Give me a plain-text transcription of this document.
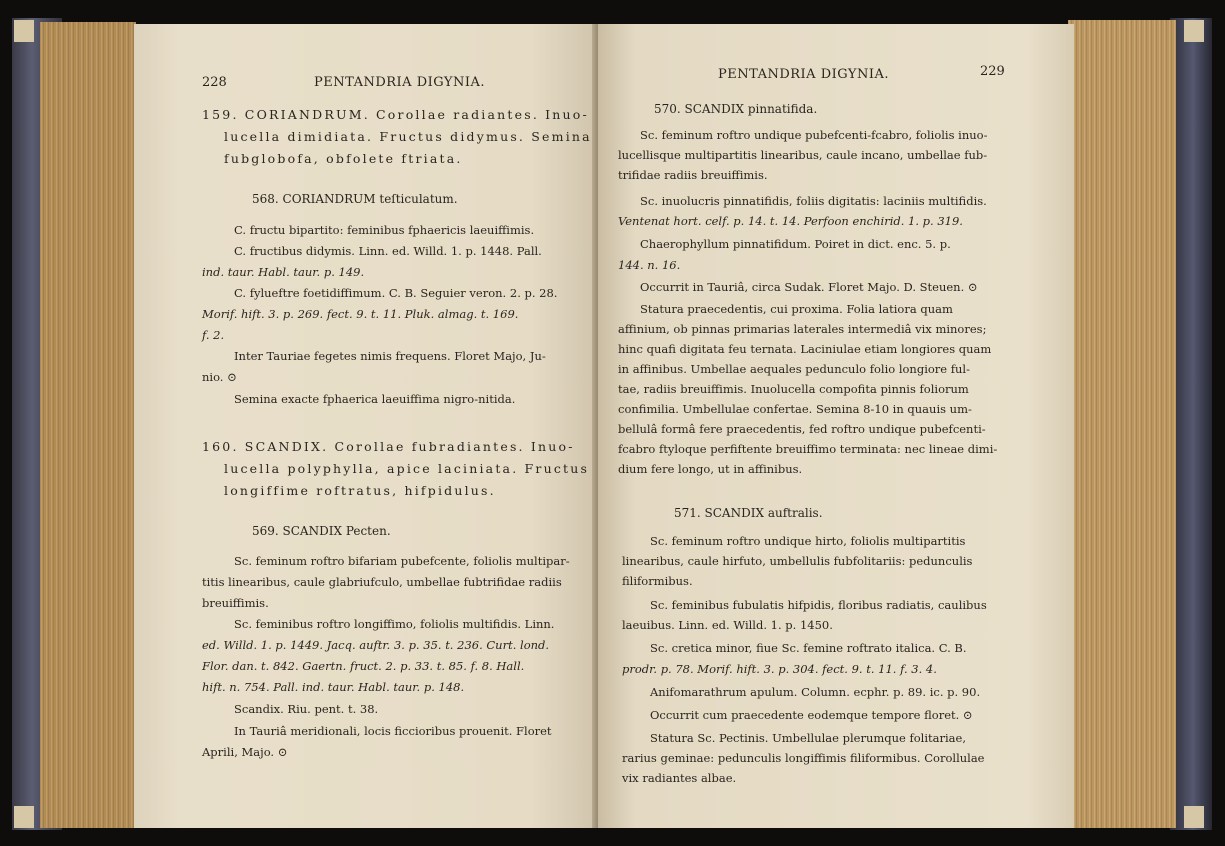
228	PENTANDRIA DIGYNIA.
159. CORIANDRUM. Corollae radiantes. Inuo-
lucella dimidiata. Fructus didymus. Semina
fubglobofa, obfolete ftriata.
568. CORIANDRUM teſticulatum.
C. fructu bipartito: feminibus fphaericis laeuiffimis.
C. fructibus didymis. Linn. ed. Willd. 1. p. 1448. Pall.
ind. taur. Habl. taur. p. 149.
C. fylueftre foetidiffimum. C. B. Seguier veron. 2. p. 28.
Morif. hift. 3. p. 269. fect. 9. t. 11. Pluk. almag. t. 169.
f. 2.
Inter Tauriae fegetes nimis frequens. Floret Majo, Ju-
nio. ⊙
Semina exacte fphaerica laeuiffima nigro-nitida.
160. SCANDIX. Corollae fubradiantes. Inuo-
lucella polyphylla, apice laciniata. Fructus
longiffime roftratus, hifpidulus.
569. SCANDIX Pecten.
Sc. feminum roftro bifariam pubefcente, foliolis multipar-
titis linearibus, caule glabriufculo, umbellae fubtrifidae radiis
breuiffimis.
Sc. feminibus roftro longiffimo, foliolis multifidis. Linn.
ed. Willd. 1. p. 1449. Jacq. auftr. 3. p. 35. t. 236. Curt. lond.
Flor. dan. t. 842. Gaertn. fruct. 2. p. 33. t. 85. f. 8. Hall.
hift. n. 754. Pall. ind. taur. Habl. taur. p. 148.
Scandix. Riu. pent. t. 38.
In Tauriâ meridionali, locis ficcioribus prouenit. Floret
Aprili, Majo. ⊙
PENTANDRIA DIGYNIA.	229
570. SCANDIX pinnatifida.
Sc. feminum roftro undique pubefcenti-fcabro, foliolis inuo-
lucellisque multipartitis linearibus, caule incano, umbellae fub-
trifidae radiis breuiffimis.
Sc. inuolucris pinnatifidis, foliis digitatis: laciniis multifidis.
Ventenat hort. celf. p. 14. t. 14. Perfoon enchirid. 1. p. 319.
Chaerophyllum pinnatifidum. Poiret in dict. enc. 5. p.
144. n. 16.
Occurrit in Tauriâ, circa Sudak. Floret Majo. D. Steuen. ⊙
Statura praecedentis, cui proxima. Folia latiora quam
affinium, ob pinnas primarias laterales intermediâ vix minores;
hinc quafi digitata feu ternata. Laciniulae etiam longiores quam
in affinibus. Umbellae aequales pedunculo folio longiore ful-
tae, radiis breuiffimis. Inuolucella compofita pinnis foliorum
confimilia. Umbellulae confertae. Semina 8-10 in quauis um-
bellulâ formâ fere praecedentis, fed roftro undique pubefcenti-
fcabro ftyloque perfiftente breuiffimo terminata: nec lineae dimi-
dium fere longo, ut in affinibus.
571. SCANDIX auftralis.
Sc. feminum roftro undique hirto, foliolis multipartitis
linearibus, caule hirfuto, umbellulis fubfolitariis: pedunculis
filiformibus.
Sc. feminibus fubulatis hifpidis, floribus radiatis, caulibus
laeuibus. Linn. ed. Willd. 1. p. 1450.
Sc. cretica minor, fiue Sc. femine roftrato italica. C. B.
prodr. p. 78. Morif. hift. 3. p. 304. fect. 9. t. 11. f. 3. 4.
Anifomarathrum apulum. Column. ecphr. p. 89. ic. p. 90.
Occurrit cum praecedente eodemque tempore floret. ⊙
Statura Sc. Pectinis. Umbellulae plerumque folitariae,
rarius geminae: pedunculis longiffimis filiformibus. Corollulae
vix radiantes albae.
